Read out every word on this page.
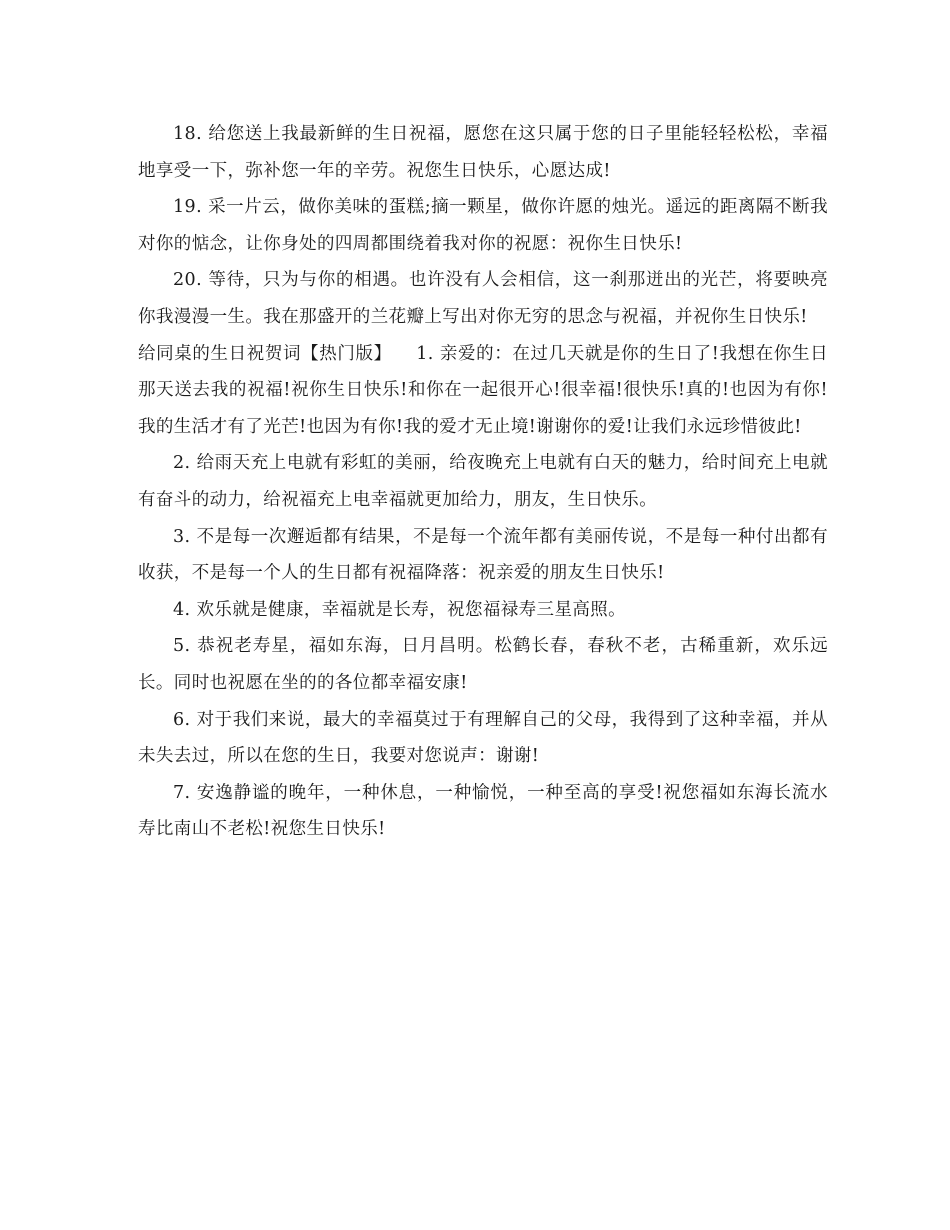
18. 给您送上我最新鲜的生日祝福，愿您在这只属于您的日子里能轻轻松松，幸福地享受一下，弥补您一年的辛劳。祝您生日快乐，心愿达成!

19. 采一片云，做你美味的蛋糕;摘一颗星，做你许愿的烛光。遥远的距离隔不断我对你的惦念，让你身处的四周都围绕着我对你的祝愿：祝你生日快乐!

20. 等待，只为与你的相遇。也许没有人会相信，这一刹那迸出的光芒，将要映亮你我漫漫一生。我在那盛开的兰花瓣上写出对你无穷的思念与祝福，并祝你生日快乐!

给同桌的生日祝贺词【热门版】 1. 亲爱的：在过几天就是你的生日了!我想在你生日那天送去我的祝福!祝你生日快乐!和你在一起很开心!很幸福!很快乐!真的!也因为有你!我的生活才有了光芒!也因为有你!我的爱才无止境!谢谢你的爱!让我们永远珍惜彼此!

2. 给雨天充上电就有彩虹的美丽，给夜晚充上电就有白天的魅力，给时间充上电就有奋斗的动力，给祝福充上电幸福就更加给力，朋友，生日快乐。

3. 不是每一次邂逅都有结果，不是每一个流年都有美丽传说，不是每一种付出都有收获，不是每一个人的生日都有祝福降落：祝亲爱的朋友生日快乐!

4. 欢乐就是健康，幸福就是长寿，祝您福禄寿三星高照。

5. 恭祝老寿星，福如东海，日月昌明。松鹤长春，春秋不老，古稀重新，欢乐远长。同时也祝愿在坐的的各位都幸福安康!

6. 对于我们来说，最大的幸福莫过于有理解自己的父母，我得到了这种幸福，并从未失去过，所以在您的生日，我要对您说声：谢谢!

7. 安逸静谧的晚年，一种休息，一种愉悦，一种至高的享受!祝您福如东海长流水寿比南山不老松!祝您生日快乐!
